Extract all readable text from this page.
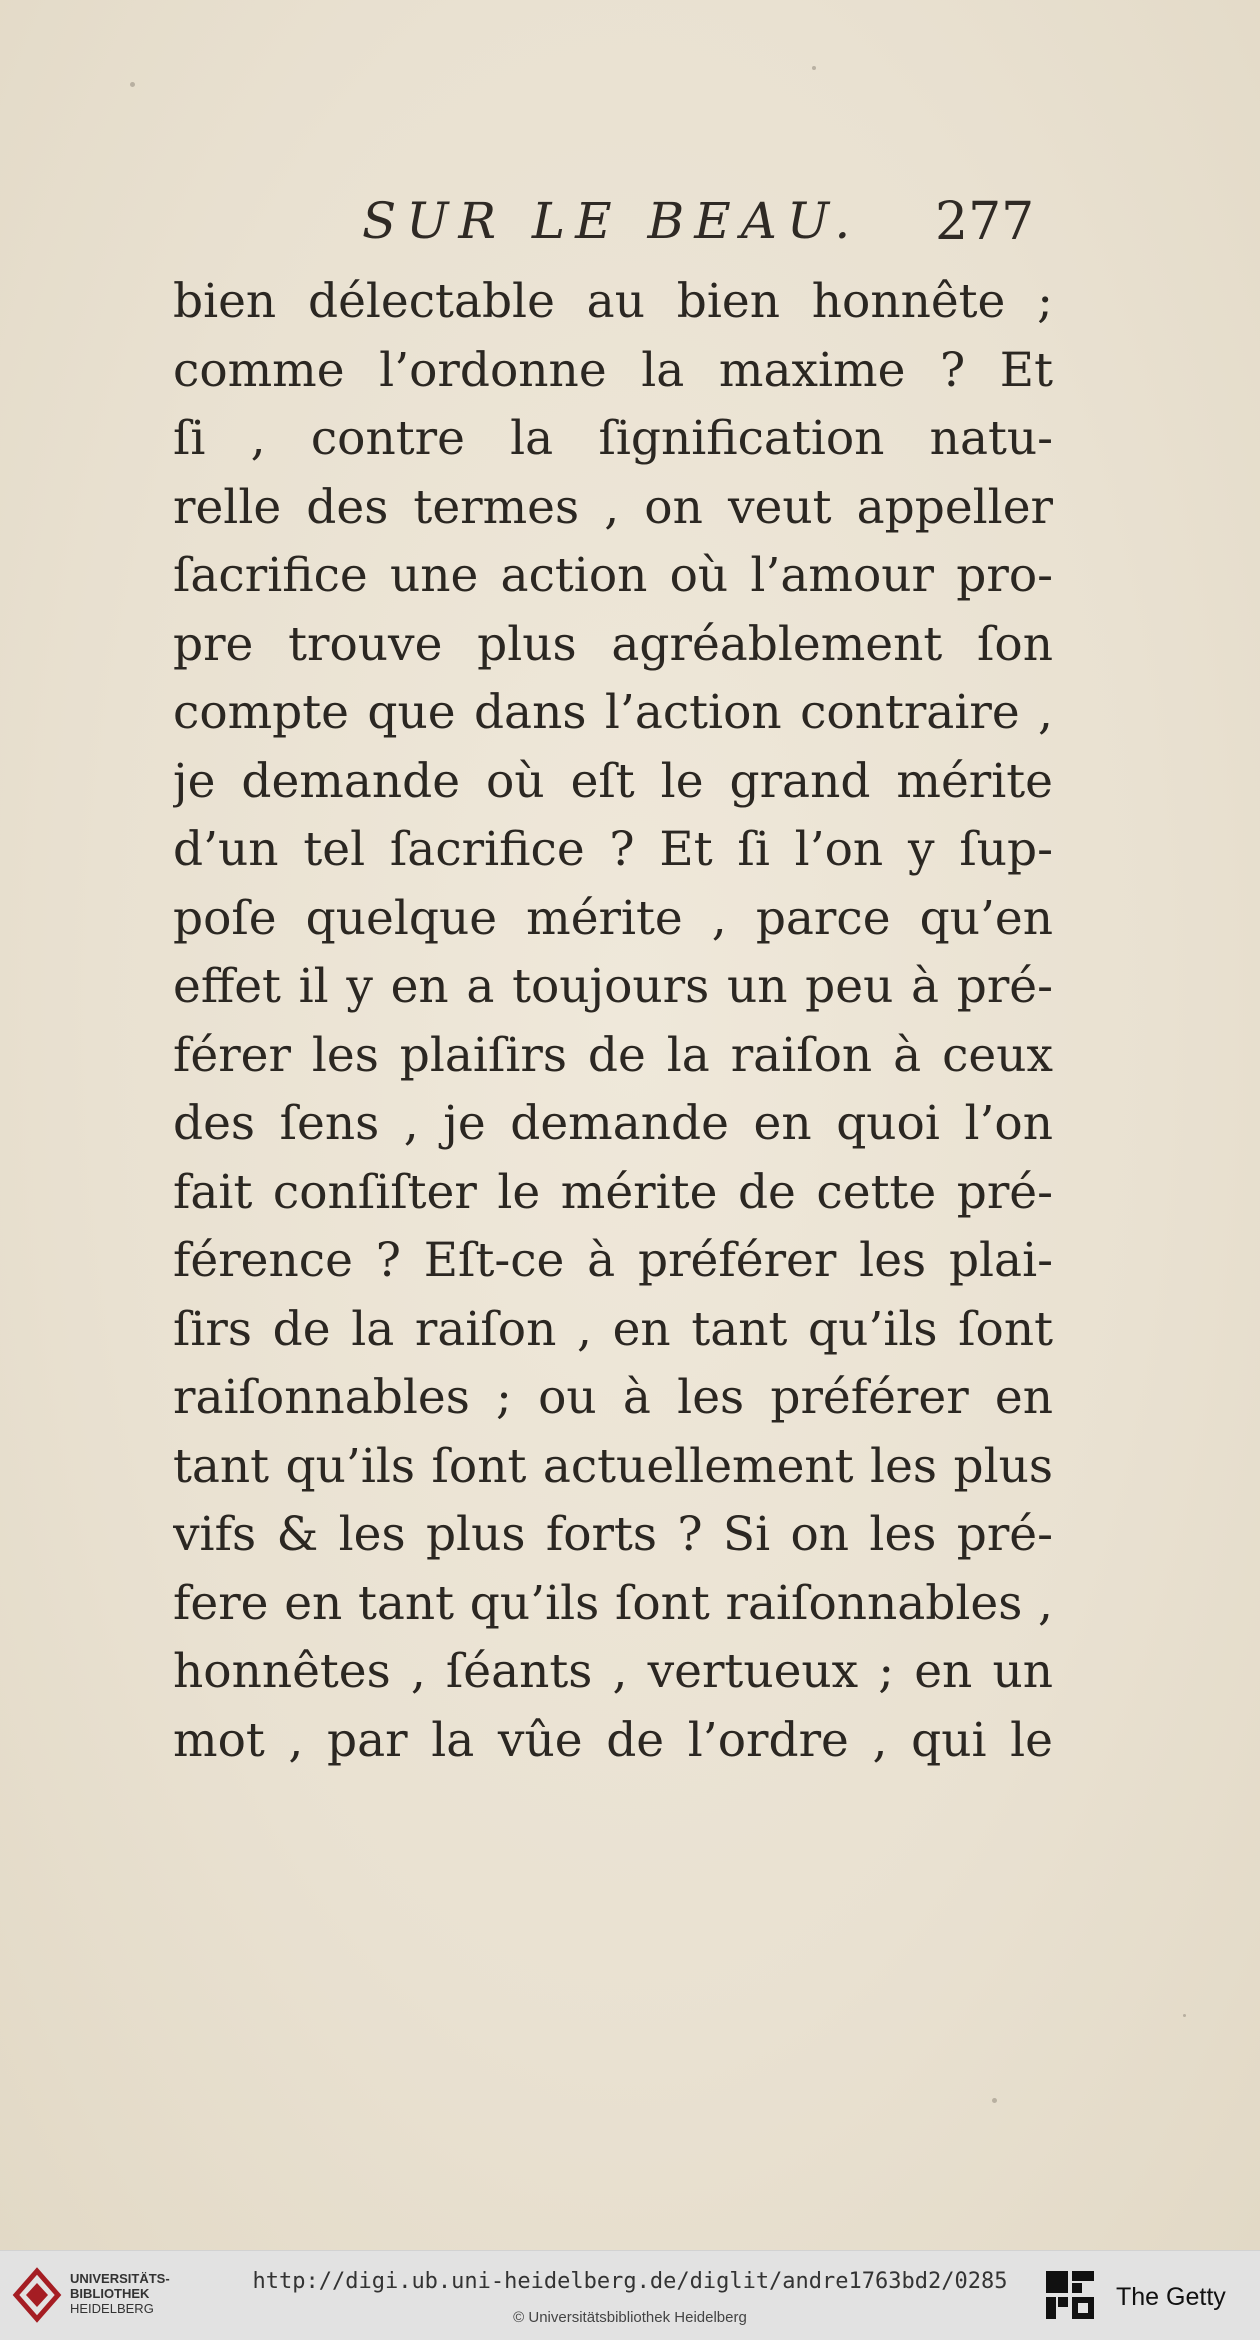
SUR LE BEAU. 277
bien délectable au bien honnête ;
comme l’ordonne la maxime ? Et
ſi , contre la ſignification natu-
relle des termes , on veut appeller
ſacrifice une action où l’amour pro-
pre trouve plus agréablement ſon
compte que dans l’action contraire ,
je demande où eſt le grand mérite
d’un tel ſacrifice ? Et ſi l’on y ſup-
poſe quelque mérite , parce qu’en
effet il y en a toujours un peu à pré-
férer les plaiſirs de la raiſon à ceux
des ſens , je demande en quoi l’on
fait conſiſter le mérite de cette pré-
férence ? Eſt-ce à préférer les plai-
ſirs de la raiſon , en tant qu’ils ſont
raiſonnables ; ou à les préférer en
tant qu’ils ſont actuellement les plus
vifs & les plus forts ? Si on les pré-
fere en tant qu’ils ſont raiſonnables ,
honnêtes , ſéants , vertueux ; en un
mot , par la vûe de l’ordre , qui le
UNIVERSITÄTS-
BIBLIOTHEK
HEIDELBERG
http://digi.ub.uni-heidelberg.de/diglit/andre1763bd2/0285
© Universitätsbibliothek Heidelberg
The Getty
